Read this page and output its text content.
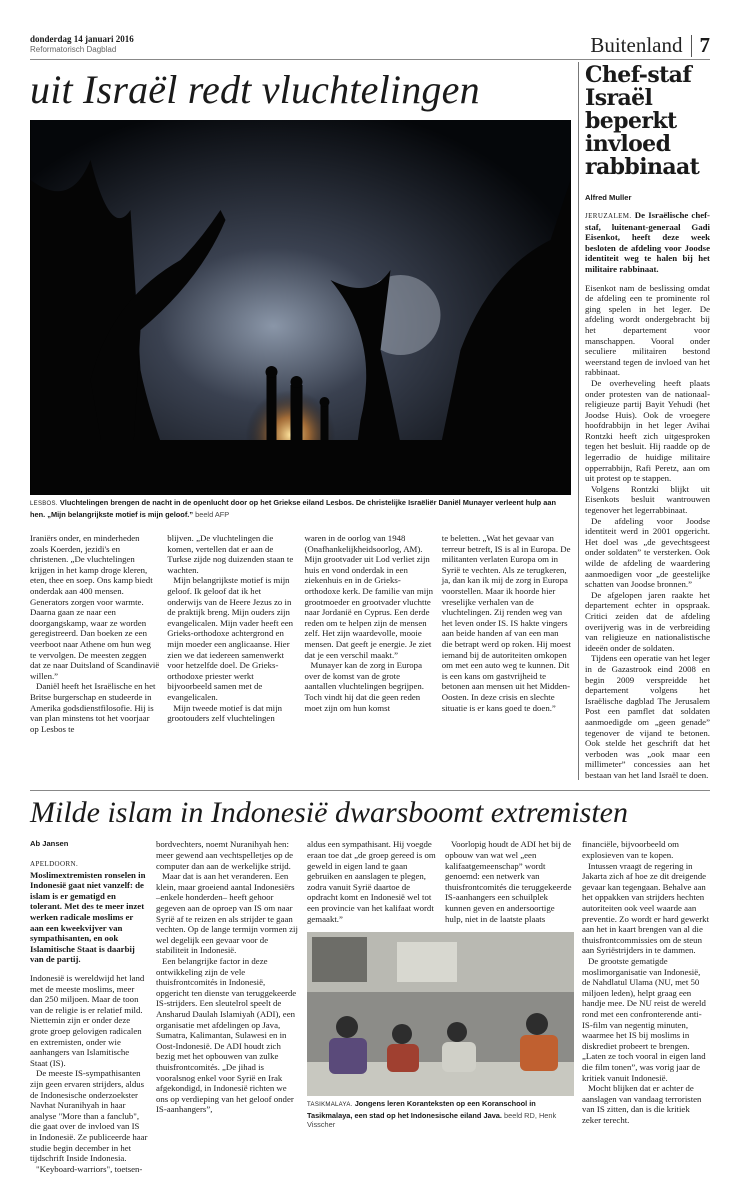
donderdag 14 januari 2016
Reformatorisch Dagblad	Buitenland 7
uit Israël redt vluchtelingen
LESBOS. Vluchtelingen brengen de nacht in de openlucht door op het Griekse eiland Lesbos. De christelijke Israëliër Daniël Munayer verleent hulp aan hen. „Mijn belangrijkste motief is mijn geloof.” beeld AFP

Iraniërs onder, en minderheden zoals Koerden, jezidi's en christenen. „De vluchtelingen krijgen in het kamp droge kleren, eten, thee en soep. Ons kamp biedt onderdak aan 400 mensen. Generators zorgen voor warmte. Daarna gaan ze naar een doorgangskamp, waar ze worden geregistreerd. Dan boeken ze een veerboot naar Athene om hun weg te vervolgen. De meesten zeggen dat ze naar Duitsland of Scandinavië willen.”

Daniël heeft het Israëlische en het Britse burgerschap en studeerde in Amerika godsdienstfilosofie. Hij is van plan minstens tot het voorjaar op Lesbos te

blijven. „De vluchtelingen die komen, vertellen dat er aan de Turkse zijde nog duizenden staan te wachten.

Mijn belangrijkste motief is mijn geloof. Ik geloof dat ik het onderwijs van de Heere Jezus zo in de praktijk breng. Mijn ouders zijn evangelicalen. Mijn vader heeft een Grieks-orthodoxe achtergrond en mijn moeder een anglicaanse. Hier zien we dat iedereen samenwerkt voor hetzelfde doel. De Grieks-orthodoxe priester werkt bijvoorbeeld samen met de evangelicalen.

Mijn tweede motief is dat mijn grootouders zelf vluchtelingen

waren in de oorlog van 1948 (Onafhankelijkheidsoorlog, AM). Mijn grootvader uit Lod verliet zijn huis en vond onderdak in een ziekenhuis en in de Grieks-orthodoxe kerk. De familie van mijn grootmoeder en grootvader vluchtte naar Jordanië en Cyprus. Een derde reden om te helpen zijn de mensen zelf. Het zijn waardevolle, mooie mensen. Dat geeft je energie. Je ziet dat je een verschil maakt.”

Munayer kan de zorg in Europa over de komst van de grote aantallen vluchtelingen begrijpen. Toch vindt hij dat die geen reden moet zijn om hun komst

te beletten. „Wat het gevaar van terreur betreft, IS is al in Europa. De militanten verlaten Europa om in Syrië te vechten. Als ze terugkeren, ja, dan kan ik mij de zorg in Europa voorstellen. Maar ik hoorde hier vreselijke verhalen van de vluchtelingen. Zij renden weg van het leven onder IS. IS hakte vingers aan beide handen af van een man die betrapt werd op roken. Hij moest iemand bij de autoriteiten omkopen om met een auto weg te kunnen. Dit is een kans om gastvrijheid te betonen aan mensen uit het Midden-Oosten. In deze crisis en slechte situatie is er kans goed te doen.”

Chef-staf Israël beperkt invloed rabbinaat
Alfred Muller

JERUZALEM. De Israëlische chef-staf, luitenant-generaal Gadi Eisenkot, heeft deze week besloten de afdeling voor Joodse identiteit weg te halen bij het militaire rabbinaat.

Eisenkot nam de beslissing omdat de afdeling een te prominente rol ging spelen in het leger. De afdeling wordt ondergebracht bij het departement voor manschappen. Vooral onder seculiere militairen bestond weerstand tegen de invloed van het rabbinaat.

De overheveling heeft plaats onder protesten van de nationaal-religieuze partij Bayit Yehudi (het Joodse Huis). Ook de vroegere hoofdrabbijn in het leger Avihai Rontzki heeft zich uitgesproken tegen het besluit. Hij raadde op de legerradio de huidige militaire opperrabbijn, Rafi Peretz, aan om uit protest op te stappen.

Volgens Rontzki blijkt uit Eisenkots besluit wantrouwen tegenover het legerrabbinaat.

De afdeling voor Joodse identiteit werd in 2001 opgericht. Het doel was „de gevechtsgeest onder soldaten” te versterken. Ook wilde de afdeling de waardering aanmoedigen voor „de geestelijke schatten van Joodse bronnen.”

De afgelopen jaren raakte het departement echter in opspraak. Critici zeiden dat de afdeling overijverig was in de verbreiding van religieuze en nationalistische ideeën onder de soldaten.

Tijdens een operatie van het leger in de Gazastrook eind 2008 en begin 2009 verspreidde het departement volgens het Israëlische dagblad The Jerusalem Post een pamflet dat soldaten aanmoedigde om „geen genade” tegenover de vijand te betonen. Ook stelde het geschrift dat het verboden was „ook maar een millimeter” concessies aan het bestaan van het land Israël te doen.

Milde islam in Indonesië dwarsboomt extremisten
Ab Jansen

APELDOORN. Moslimextremisten ronselen in Indonesië gaat niet vanzelf: de islam is er gematigd en tolerant. Met des te meer inzet werken radicale moslims er aan een kweekvijver van sympathisanten, en ook Islamitische Staat is daarbij van de partij.

Indonesië is wereldwijd het land met de meeste moslims, meer dan 250 miljoen. Maar de toon van de religie is er relatief mild. Niettemin zijn er onder deze grote groep gelovigen radicalen en extremisten, onder wie aanhangers van Islamitische Staat (IS).

De meeste IS-sympathisanten zijn geen ervaren strijders, aldus de Indonesische onderzoekster Navhat Nuranihyah in haar analyse "More than a fanclub", die gaat over de invloed van IS in Indonesië. Ze publiceerde haar studie begin december in het tijdschrift Inside Indonesia.

"Keyboard-warriors", toetsen-

bordvechters, noemt Nuranihyah hen: meer gewend aan vechtspelletjes op de computer dan aan de werkelijke strijd.

Maar dat is aan het veranderen. Een klein, maar groeiend aantal Indonesiërs –enkele honderden– heeft gehoor gegeven aan de oproep van IS om naar Syrië af te reizen en als strijder te gaan vechten. Op de lange termijn vormen zij wel degelijk een gevaar voor de stabiliteit in Indonesië.

Een belangrijke factor in deze ontwikkeling zijn de vele thuisfrontcomités in Indonesië, opgericht ten dienste van teruggekeerde IS-strijders. Een sleutelrol speelt de Ansharud Daulah Islamiyah (ADI), een organisatie met afdelingen op Java, Sumatra, Kalimantan, Sulawesi en in Oost-Indonesië. De ADI houdt zich bezig met het opbouwen van zulke thuisfrontcomités. „De jihad is vooralsnog enkel voor Syrië en Irak afgekondigd, in Indonesië richten we ons op verdieping van het geloof onder IS-aanhangers”,

aldus een sympathisant. Hij voegde eraan toe dat „de groep gereed is om geweld in eigen land te gaan gebruiken en aanslagen te plegen, zodra vanuit Syrië daartoe de opdracht komt en Indonesië wel tot een provincie van het kalifaat wordt gemaakt.”

Voorlopig houdt de ADI het bij de opbouw van wat wel „een kalifaatgemeenschap” wordt genoemd: een netwerk van thuisfrontcomités die teruggekeerde IS-aanhangers een schuilplek kunnen geven en andersoortige hulp, niet in de laatste plaats

TASIKMALAYA. Jongens leren Koranteksten op een Koranschool in Tasikmalaya, een stad op het Indonesische eiland Java. beeld RD, Henk Visscher

financiële, bijvoorbeeld om explosieven van te kopen.

Intussen vraagt de regering in Jakarta zich af hoe ze dit dreigende gevaar kan tegengaan. Behalve aan het oppakken van strijders hechten autoriteiten ook veel waarde aan preventie. Zo wordt er hard gewerkt aan het in kaart brengen van al die thuisfrontcommissies om de steun aan Syriëstrijders in te dammen.

De grootste gematigde moslimorganisatie van Indonesië, de Nahdlatul Ulama (NU, met 50 miljoen leden), helpt graag een handje mee. De NU reist de wereld rond met een confronterende anti-IS-film van negentig minuten, waarmee het IS bij moslims in diskrediet probeert te brengen. „Laten ze toch vooral in eigen land die film tonen”, was vorig jaar de kritiek vanuit Indonesië.

Mocht blijken dat er achter de aanslagen van vandaag terroristen van IS zitten, dan is die kritiek zeker terecht.
